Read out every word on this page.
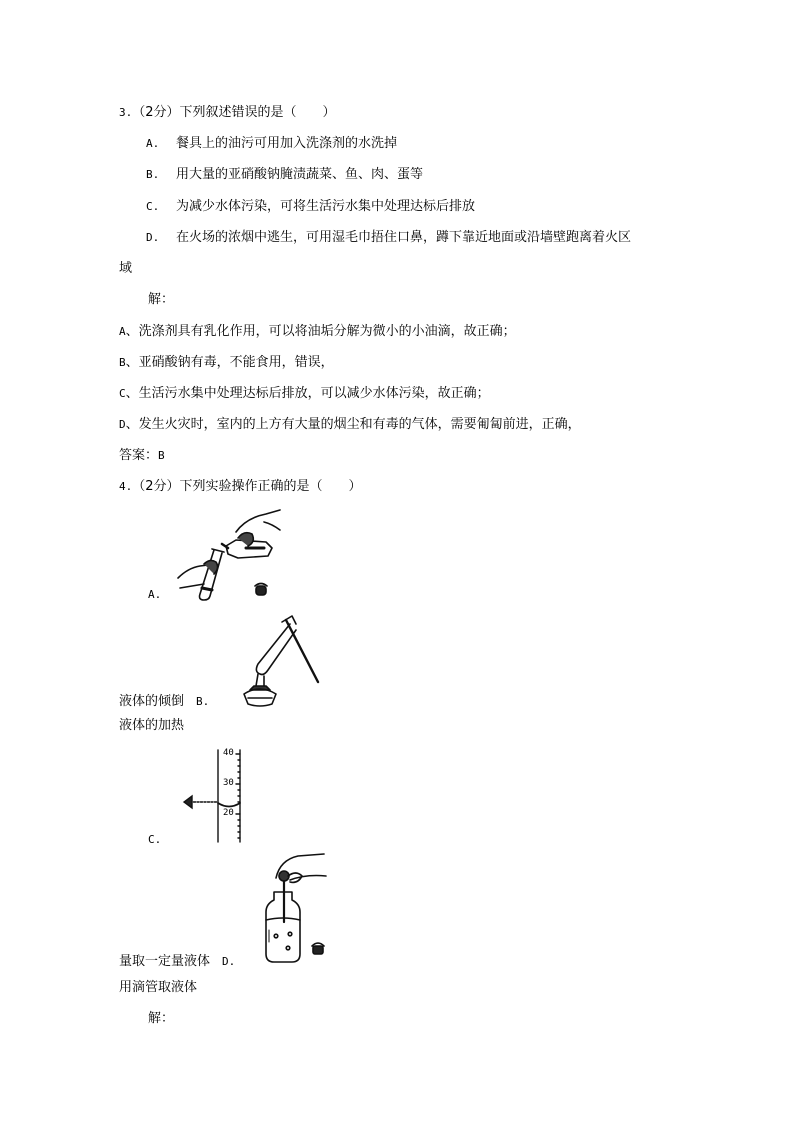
3.（2分）下列叙述错误的是（　　）
A. 餐具上的油污可用加入洗涤剂的水洗掉
B. 用大量的亚硝酸钠腌渍蔬菜、鱼、肉、蛋等
C. 为减少水体污染，可将生活污水集中处理达标后排放
D. 在火场的浓烟中逃生，可用湿毛巾捂住口鼻，蹲下靠近地面或沿墙壁跑离着火区
域
解：
A、洗涤剂具有乳化作用，可以将油垢分解为微小的小油滴，故正确；
B、亚硝酸钠有毒，不能食用，错误，
C、生活污水集中处理达标后排放，可以减少水体污染，故正确；
D、发生火灾时，室内的上方有大量的烟尘和有毒的气体，需要匍匐前进，正确，
答案：B
4.（2分）下列实验操作正确的是（　　）
A.
液体的倾倒 B.
液体的加热
40
30
20
C.
量取一定量液体 D.
用滴管取液体
解：
